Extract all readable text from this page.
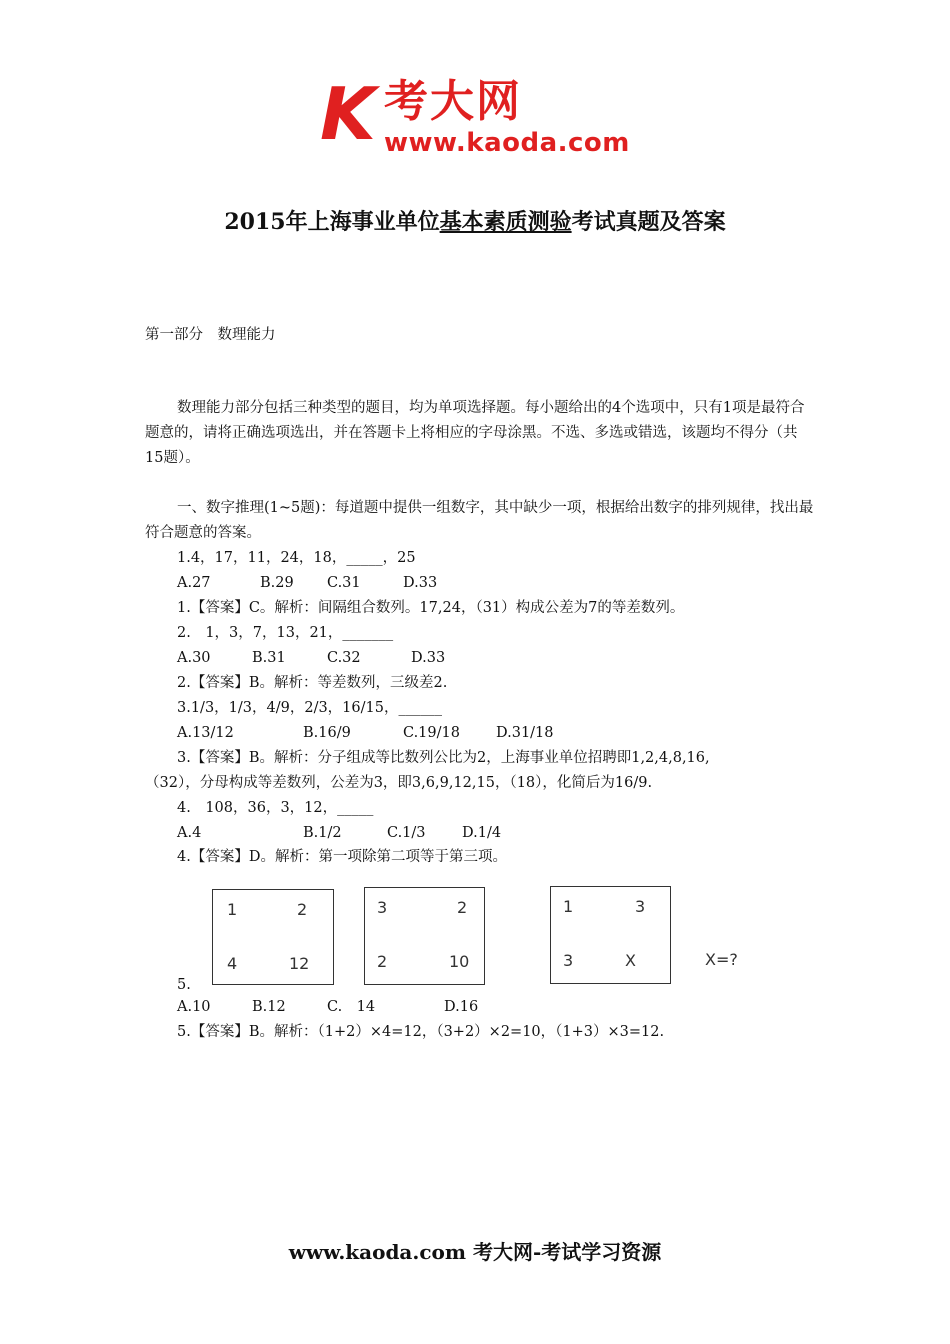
K 考大网
www.kaoda.com
2015年上海事业单位基本素质测验考试真题及答案
第一部分　数理能力
数理能力部分包括三种类型的题目，均为单项选择题。每小题给出的4个选项中，只有1项是最符合题意的，请将正确选项选出，并在答题卡上将相应的字母涂黑。不选、多选或错选，该题均不得分（共15题）。
一、数字推理(1~5题)：每道题中提供一组数字，其中缺少一项，根据给出数字的排列规律，找出最符合题意的答案。
1.4，17，11，24，18，_____，25
A.27	B.29 C.31	D.33
1.【答案】C。解析：间隔组合数列。17,24，（31）构成公差为7的等差数列。
2.　1，3，7，13，21，_______
A.30	B.31	C.32	D.33
2.【答案】B。解析：等差数列，三级差2.
3.1/3，1/3，4/9，2/3，16/15，______
A.13/12	B.16/9	C.19/18 D.31/18
3.【答案】B。解析：分子组成等比数列公比为2，上海事业单位招聘即1,2,4,8,16,
（32），分母构成等差数列，公差为3，即3,6,9,12,15，（18），化简后为16/9.
4.　108，36，3，12，_____
A.4	B.1/2	C.1/3	D.1/4
4.【答案】D。解析：第一项除第二项等于第三项。
1	2
4	12
3	2
2	10
1	3
3	X	X=?
5.
A.10	B.12	C.　14	D.16
5.【答案】B。解析：（1+2）×4=12，（3+2）×2=10，（1+3）×3=12.
www.kaoda.com 考大网-考试学习资源
